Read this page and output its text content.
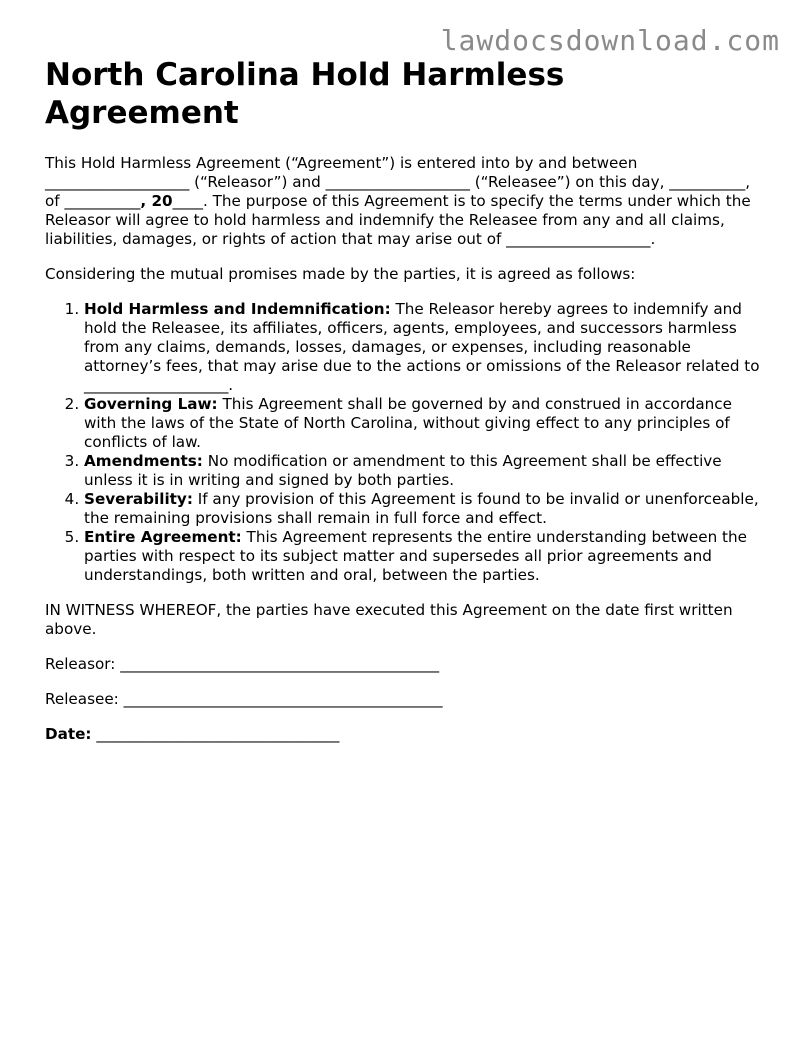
lawdocsdownload.com
North Carolina Hold Harmless Agreement

This Hold Harmless Agreement (“Agreement”) is entered into by and between ___________________ (“Releasor”) and ___________________ (“Releasee”) on this day, __________, of __________, 20____. The purpose of this Agreement is to specify the terms under which the Releasor will agree to hold harmless and indemnify the Releasee from any and all claims, liabilities, damages, or rights of action that may arise out of ___________________.

Considering the mutual promises made by the parties, it is agreed as follows:

1. Hold Harmless and Indemnification: The Releasor hereby agrees to indemnify and hold the Releasee, its affiliates, officers, agents, employees, and successors harmless from any claims, demands, losses, damages, or expenses, including reasonable attorney’s fees, that may arise due to the actions or omissions of the Releasor related to ___________________.
2. Governing Law: This Agreement shall be governed by and construed in accordance with the laws of the State of North Carolina, without giving effect to any principles of conflicts of law.
3. Amendments: No modification or amendment to this Agreement shall be effective unless it is in writing and signed by both parties.
4. Severability: If any provision of this Agreement is found to be invalid or unenforceable, the remaining provisions shall remain in full force and effect.
5. Entire Agreement: This Agreement represents the entire understanding between the parties with respect to its subject matter and supersedes all prior agreements and understandings, both written and oral, between the parties.

IN WITNESS WHEREOF, the parties have executed this Agreement on the date first written above.

Releasor: __________________________________________

Releasee: __________________________________________

Date: ________________________________
